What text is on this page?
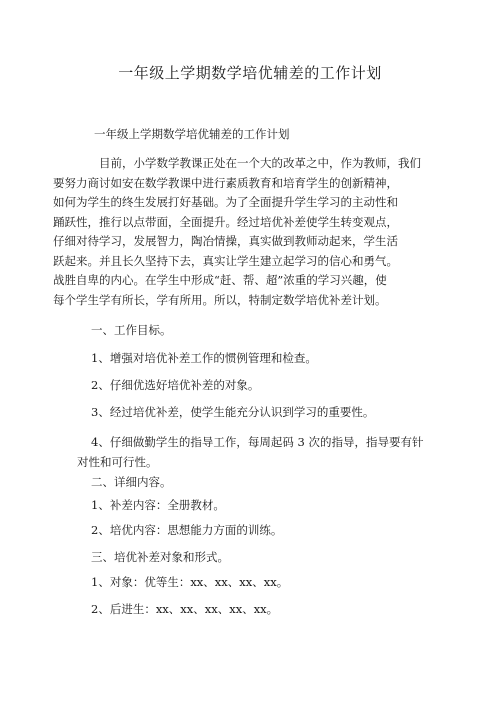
一年级上学期数学培优辅差的工作计划
一年级上学期数学培优辅差的工作计划
目前，小学数学教课正处在一个大的改革之中，作为教师，我们
要努力商讨如安在数学教课中进行素质教育和培育学生的创新精神，
如何为学生的终生发展打好基础。为了全面提升学生学习的主动性和
踊跃性，推行以点带面，全面提升。经过培优补差使学生转变观点，
仔细对待学习，发展智力，陶冶情操，真实做到教师动起来，学生活
跃起来。并且长久坚持下去，真实让学生建立起学习的信心和勇气。
战胜自卑的内心。在学生中形成“赶、帮、超”浓重的学习兴趣，使
每个学生学有所长，学有所用。所以，特制定数学培优补差计划。
一、工作目标。
1、增强对培优补差工作的惯例管理和检查。
2、仔细优选好培优补差的对象。
3、经过培优补差，使学生能充分认识到学习的重要性。
4、仔细做勤学生的指导工作，每周起码 3 次的指导，指导要有针
对性和可行性。
二、详细内容。
1、补差内容：全册教材。
2、培优内容：思想能力方面的训练。
三、培优补差对象和形式。
1、对象：优等生：xx、xx、xx、xx。
2、后进生：xx、xx、xx、xx、xx。
